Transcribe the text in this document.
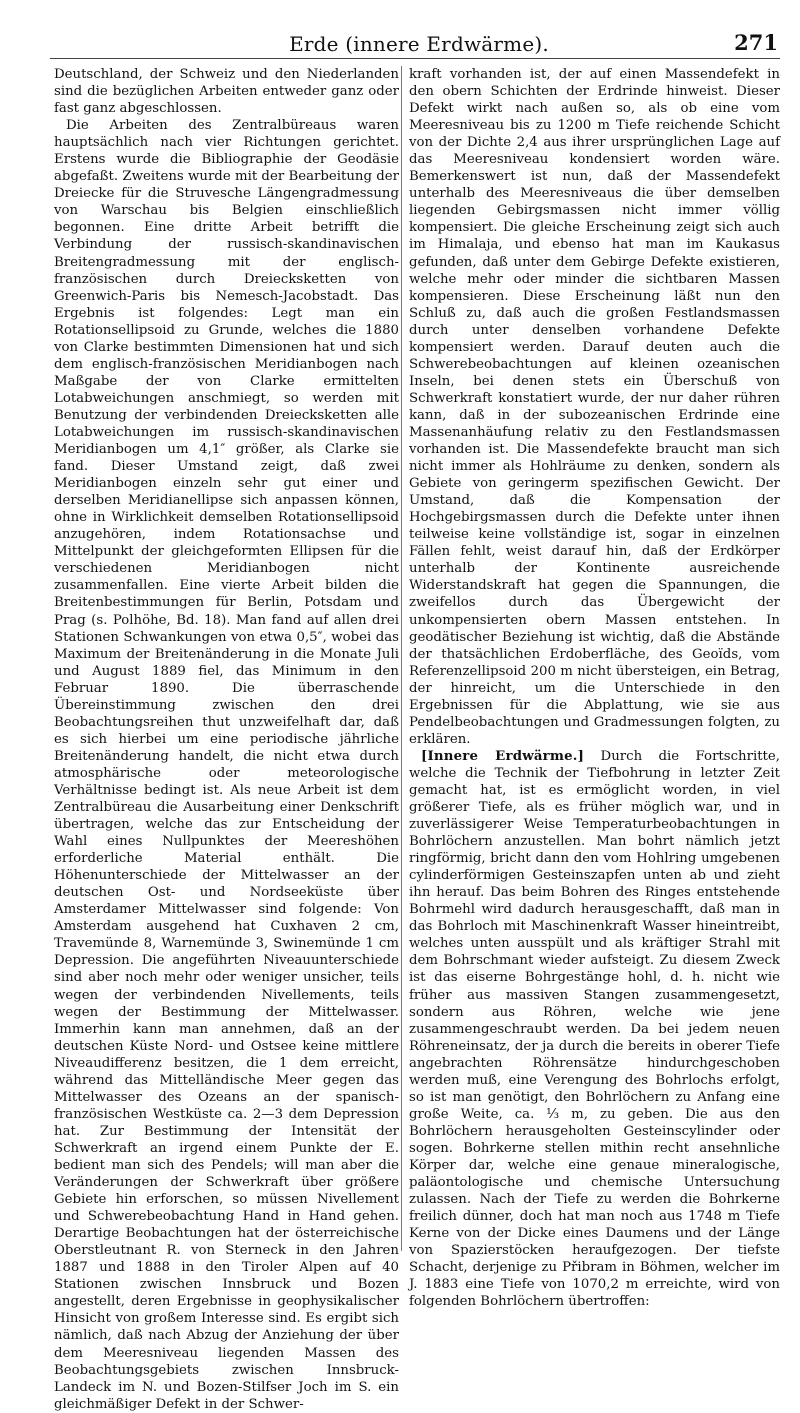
Erde (innere Erdwärme).	271

Deutschland, der Schweiz und den Niederlanden sind die bezüglichen Arbeiten entweder ganz oder fast ganz abgeschlossen.

Die Arbeiten des Zentralbüreaus waren hauptsächlich nach vier Richtungen gerichtet. Erstens wurde die Bibliographie der Geodäsie abgefaßt. Zweitens wurde mit der Bearbeitung der Dreiecke für die Struvesche Längengradmessung von Warschau bis Belgien einschließlich begonnen. Eine dritte Arbeit betrifft die Verbindung der russisch-skandinavischen Breitengradmessung mit der englisch-französischen durch Dreiecksketten von Greenwich-Paris bis Nemesch-Jacobstadt. Das Ergebnis ist folgendes: Legt man ein Rotationsellipsoid zu Grunde, welches die 1880 von Clarke bestimmten Dimensionen hat und sich dem englisch-französischen Meridianbogen nach Maßgabe der von Clarke ermittelten Lotabweichungen anschmiegt, so werden mit Benutzung der verbindenden Dreiecksketten alle Lotabweichungen im russisch-skandinavischen Meridianbogen um 4,1″ größer, als Clarke sie fand. Dieser Umstand zeigt, daß zwei Meridianbogen einzeln sehr gut einer und derselben Meridianellipse sich anpassen können, ohne in Wirklichkeit demselben Rotationsellipsoid anzugehören, indem Rotationsachse und Mittelpunkt der gleichgeformten Ellipsen für die verschiedenen Meridianbogen nicht zusammenfallen. Eine vierte Arbeit bilden die Breitenbestimmungen für Berlin, Potsdam und Prag (s. Polhöhe, Bd. 18). Man fand auf allen drei Stationen Schwankungen von etwa 0,5″, wobei das Maximum der Breitenänderung in die Monate Juli und August 1889 fiel, das Minimum in den Februar 1890. Die überraschende Übereinstimmung zwischen den drei Beobachtungsreihen thut unzweifelhaft dar, daß es sich hierbei um eine periodische jährliche Breitenänderung handelt, die nicht etwa durch atmosphärische oder meteorologische Verhältnisse bedingt ist. Als neue Arbeit ist dem Zentralbüreau die Ausarbeitung einer Denkschrift übertragen, welche das zur Entscheidung der Wahl eines Nullpunktes der Meereshöhen erforderliche Material enthält. Die Höhenunterschiede der Mittelwasser an der deutschen Ost- und Nordseeküste über Amsterdamer Mittelwasser sind folgende: Von Amsterdam ausgehend hat Cuxhaven 2 cm, Travemünde 8, Warnemünde 3, Swinemünde 1 cm Depression. Die angeführten Niveauunterschiede sind aber noch mehr oder weniger unsicher, teils wegen der verbindenden Nivellements, teils wegen der Bestimmung der Mittelwasser. Immerhin kann man annehmen, daß an der deutschen Küste Nord- und Ostsee keine mittlere Niveaudifferenz besitzen, die 1 dem erreicht, während das Mittelländische Meer gegen das Mittelwasser des Ozeans an der spanisch-französischen Westküste ca. 2—3 dem Depression hat. Zur Bestimmung der Intensität der Schwerkraft an irgend einem Punkte der E. bedient man sich des Pendels; will man aber die Veränderungen der Schwerkraft über größere Gebiete hin erforschen, so müssen Nivellement und Schwerebeobachtung Hand in Hand gehen. Derartige Beobachtungen hat der österreichische Oberstleutnant R. von Sterneck in den Jahren 1887 und 1888 in den Tiroler Alpen auf 40 Stationen zwischen Innsbruck und Bozen angestellt, deren Ergebnisse in geophysikalischer Hinsicht von großem Interesse sind. Es ergibt sich nämlich, daß nach Abzug der Anziehung der über dem Meeresniveau liegenden Massen des Beobachtungsgebiets zwischen Innsbruck-Landeck im N. und Bozen-Stilfser Joch im S. ein gleichmäßiger Defekt in der Schwer-

kraft vorhanden ist, der auf einen Massendefekt in den obern Schichten der Erdrinde hinweist. Dieser Defekt wirkt nach außen so, als ob eine vom Meeresniveau bis zu 1200 m Tiefe reichende Schicht von der Dichte 2,4 aus ihrer ursprünglichen Lage auf das Meeresniveau kondensiert worden wäre. Bemerkenswert ist nun, daß der Massendefekt unterhalb des Meeresniveaus die über demselben liegenden Gebirgsmassen nicht immer völlig kompensiert. Die gleiche Erscheinung zeigt sich auch im Himalaja, und ebenso hat man im Kaukasus gefunden, daß unter dem Gebirge Defekte existieren, welche mehr oder minder die sichtbaren Massen kompensieren. Diese Erscheinung läßt nun den Schluß zu, daß auch die großen Festlandsmassen durch unter denselben vorhandene Defekte kompensiert werden. Darauf deuten auch die Schwerebeobachtungen auf kleinen ozeanischen Inseln, bei denen stets ein Überschuß von Schwerkraft konstatiert wurde, der nur daher rühren kann, daß in der subozeanischen Erdrinde eine Massenanhäufung relativ zu den Festlandsmassen vorhanden ist. Die Massendefekte braucht man sich nicht immer als Hohlräume zu denken, sondern als Gebiete von geringerm spezifischen Gewicht. Der Umstand, daß die Kompensation der Hochgebirgsmassen durch die Defekte unter ihnen teilweise keine vollständige ist, sogar in einzelnen Fällen fehlt, weist darauf hin, daß der Erdkörper unterhalb der Kontinente ausreichende Widerstandskraft hat gegen die Spannungen, die zweifellos durch das Übergewicht der unkompensierten obern Massen entstehen. In geodätischer Beziehung ist wichtig, daß die Abstände der thatsächlichen Erdoberfläche, des Geoïds, vom Referenzellipsoid 200 m nicht übersteigen, ein Betrag, der hinreicht, um die Unterschiede in den Ergebnissen für die Abplattung, wie sie aus Pendelbeobachtungen und Gradmessungen folgten, zu erklären.

[Innere Erdwärme.] Durch die Fortschritte, welche die Technik der Tiefbohrung in letzter Zeit gemacht hat, ist es ermöglicht worden, in viel größerer Tiefe, als es früher möglich war, und in zuverlässigerer Weise Temperaturbeobachtungen in Bohrlöchern anzustellen. Man bohrt nämlich jetzt ringförmig, bricht dann den vom Hohlring umgebenen cylinderförmigen Gesteinszapfen unten ab und zieht ihn herauf. Das beim Bohren des Ringes entstehende Bohrmehl wird dadurch herausgeschafft, daß man in das Bohrloch mit Maschinenkraft Wasser hineintreibt, welches unten ausspült und als kräftiger Strahl mit dem Bohrschmant wieder aufsteigt. Zu diesem Zweck ist das eiserne Bohrgestänge hohl, d. h. nicht wie früher aus massiven Stangen zusammengesetzt, sondern aus Röhren, welche wie jene zusammengeschraubt werden. Da bei jedem neuen Röhreneinsatz, der ja durch die bereits in oberer Tiefe angebrachten Röhrensätze hindurchgeschoben werden muß, eine Verengung des Bohrlochs erfolgt, so ist man genötigt, den Bohrlöchern zu Anfang eine große Weite, ca. ⅓ m, zu geben. Die aus den Bohrlöchern herausgeholten Gesteinscylinder oder sogen. Bohrkerne stellen mithin recht ansehnliche Körper dar, welche eine genaue mineralogische, paläontologische und chemische Untersuchung zulassen. Nach der Tiefe zu werden die Bohrkerne freilich dünner, doch hat man noch aus 1748 m Tiefe Kerne von der Dicke eines Daumens und der Länge von Spazierstöcken heraufgezogen. Der tiefste Schacht, derjenige zu Přibram in Böhmen, welcher im J. 1883 eine Tiefe von 1070,2 m erreichte, wird von folgenden Bohrlöchern übertroffen:
